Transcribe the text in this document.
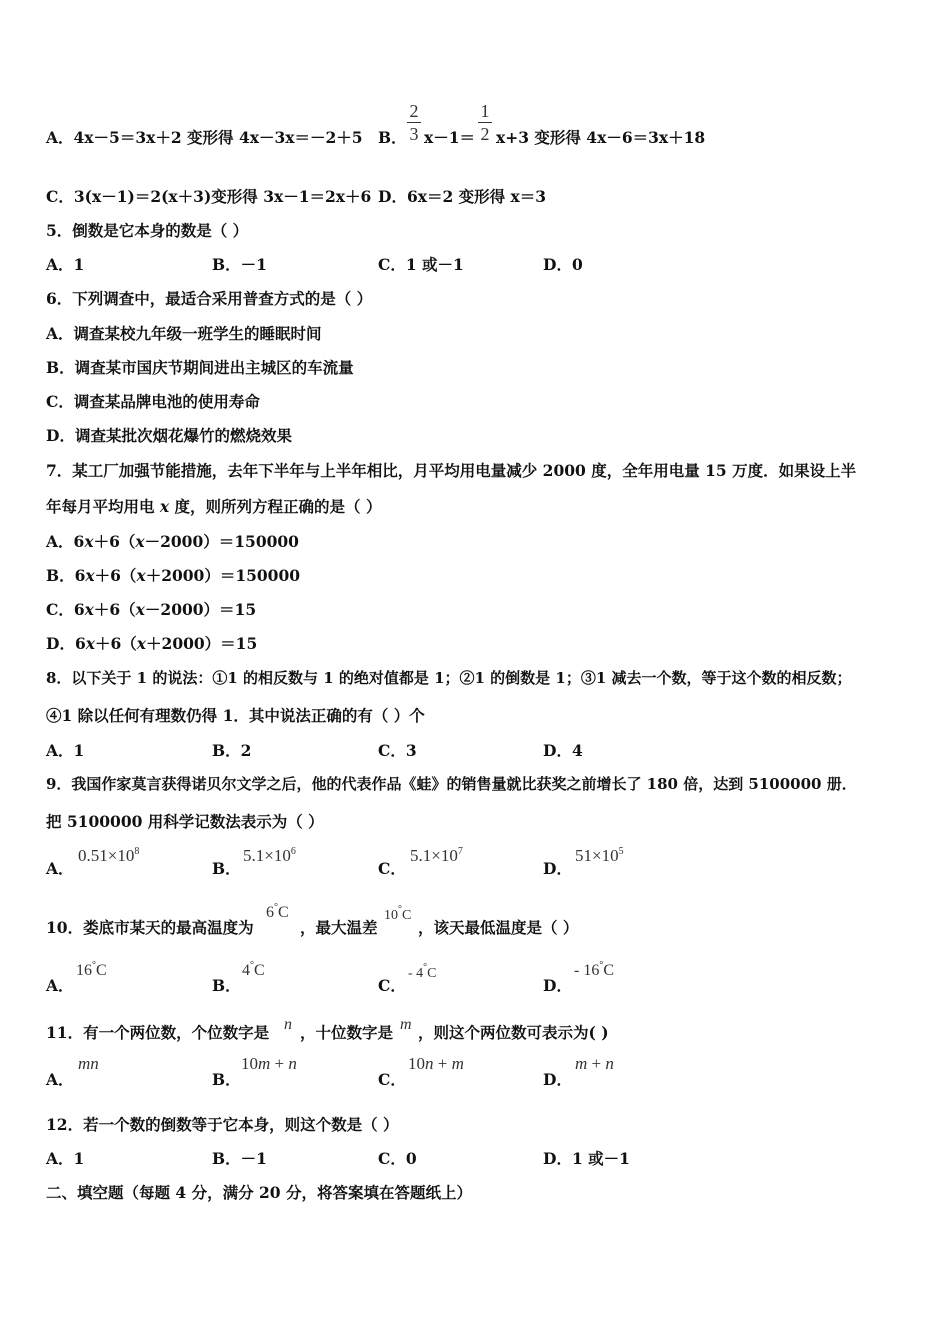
A．4x－5＝3x＋2 变形得 4x－3x＝－2＋5 B．
2
3 x－1＝
1
2 x+3 变形得 4x－6＝3x＋18
C．3(x－1)＝2(x＋3)变形得 3x－1＝2x＋6 D．6x＝2 变形得 x＝3
5．倒数是它本身的数是（ ）
A．1	B．－1	C．1 或－1	D．0
6．下列调查中，最适合采用普查方式的是（ ）
A．调查某校九年级一班学生的睡眠时间
B．调查某市国庆节期间进出主城区的车流量
C．调查某品牌电池的使用寿命
D．调查某批次烟花爆竹的燃烧效果
7．某工厂加强节能措施，去年下半年与上半年相比，月平均用电量减少 2000 度，全年用电量 15 万度．如果设上半
年每月平均用电 x 度，则所列方程正确的是（ ）
A．6x＋6（x－2000）＝150000
B．6x＋6（x＋2000）＝150000
C．6x＋6（x－2000）＝15
D．6x＋6（x＋2000）＝15
8．以下关于 1 的说法：①1 的相反数与 1 的绝对值都是 1；②1 的倒数是 1；③1 减去一个数，等于这个数的相反数；
④1 除以任何有理数仍得 1．其中说法正确的有（ ）个
A．1	B．2	C．3	D．4
9．我国作家莫言获得诺贝尔文学之后，他的代表作品《蛙》的销售量就比获奖之前增长了 180 倍，达到 5100000 册．
把 5100000 用科学记数法表示为（ ）
A．
$0.51\times 10^8$
B．
$5.1\times 10^6$
C．
$5.1\times 10^7$
D．
$51\times 10^5$
10．娄底市某天的最高温度为
6°C
，最大温差
10°C
，该天最低温度是（ ）
A．
16°C
B．
4°C
C．
- 4°C
D．
- 16°C
11．有一个两位数，个位数字是 n ，十位数字是 m ，则这个两位数可表示为( )
A．
mn
B．
10m + n
C．
10n + m
D．
m + n
12．若一个数的倒数等于它本身，则这个数是（ ）
A．1	B．－1	C．0	D．1 或－1
二、填空题（每题 4 分，满分 20 分，将答案填在答题纸上）
